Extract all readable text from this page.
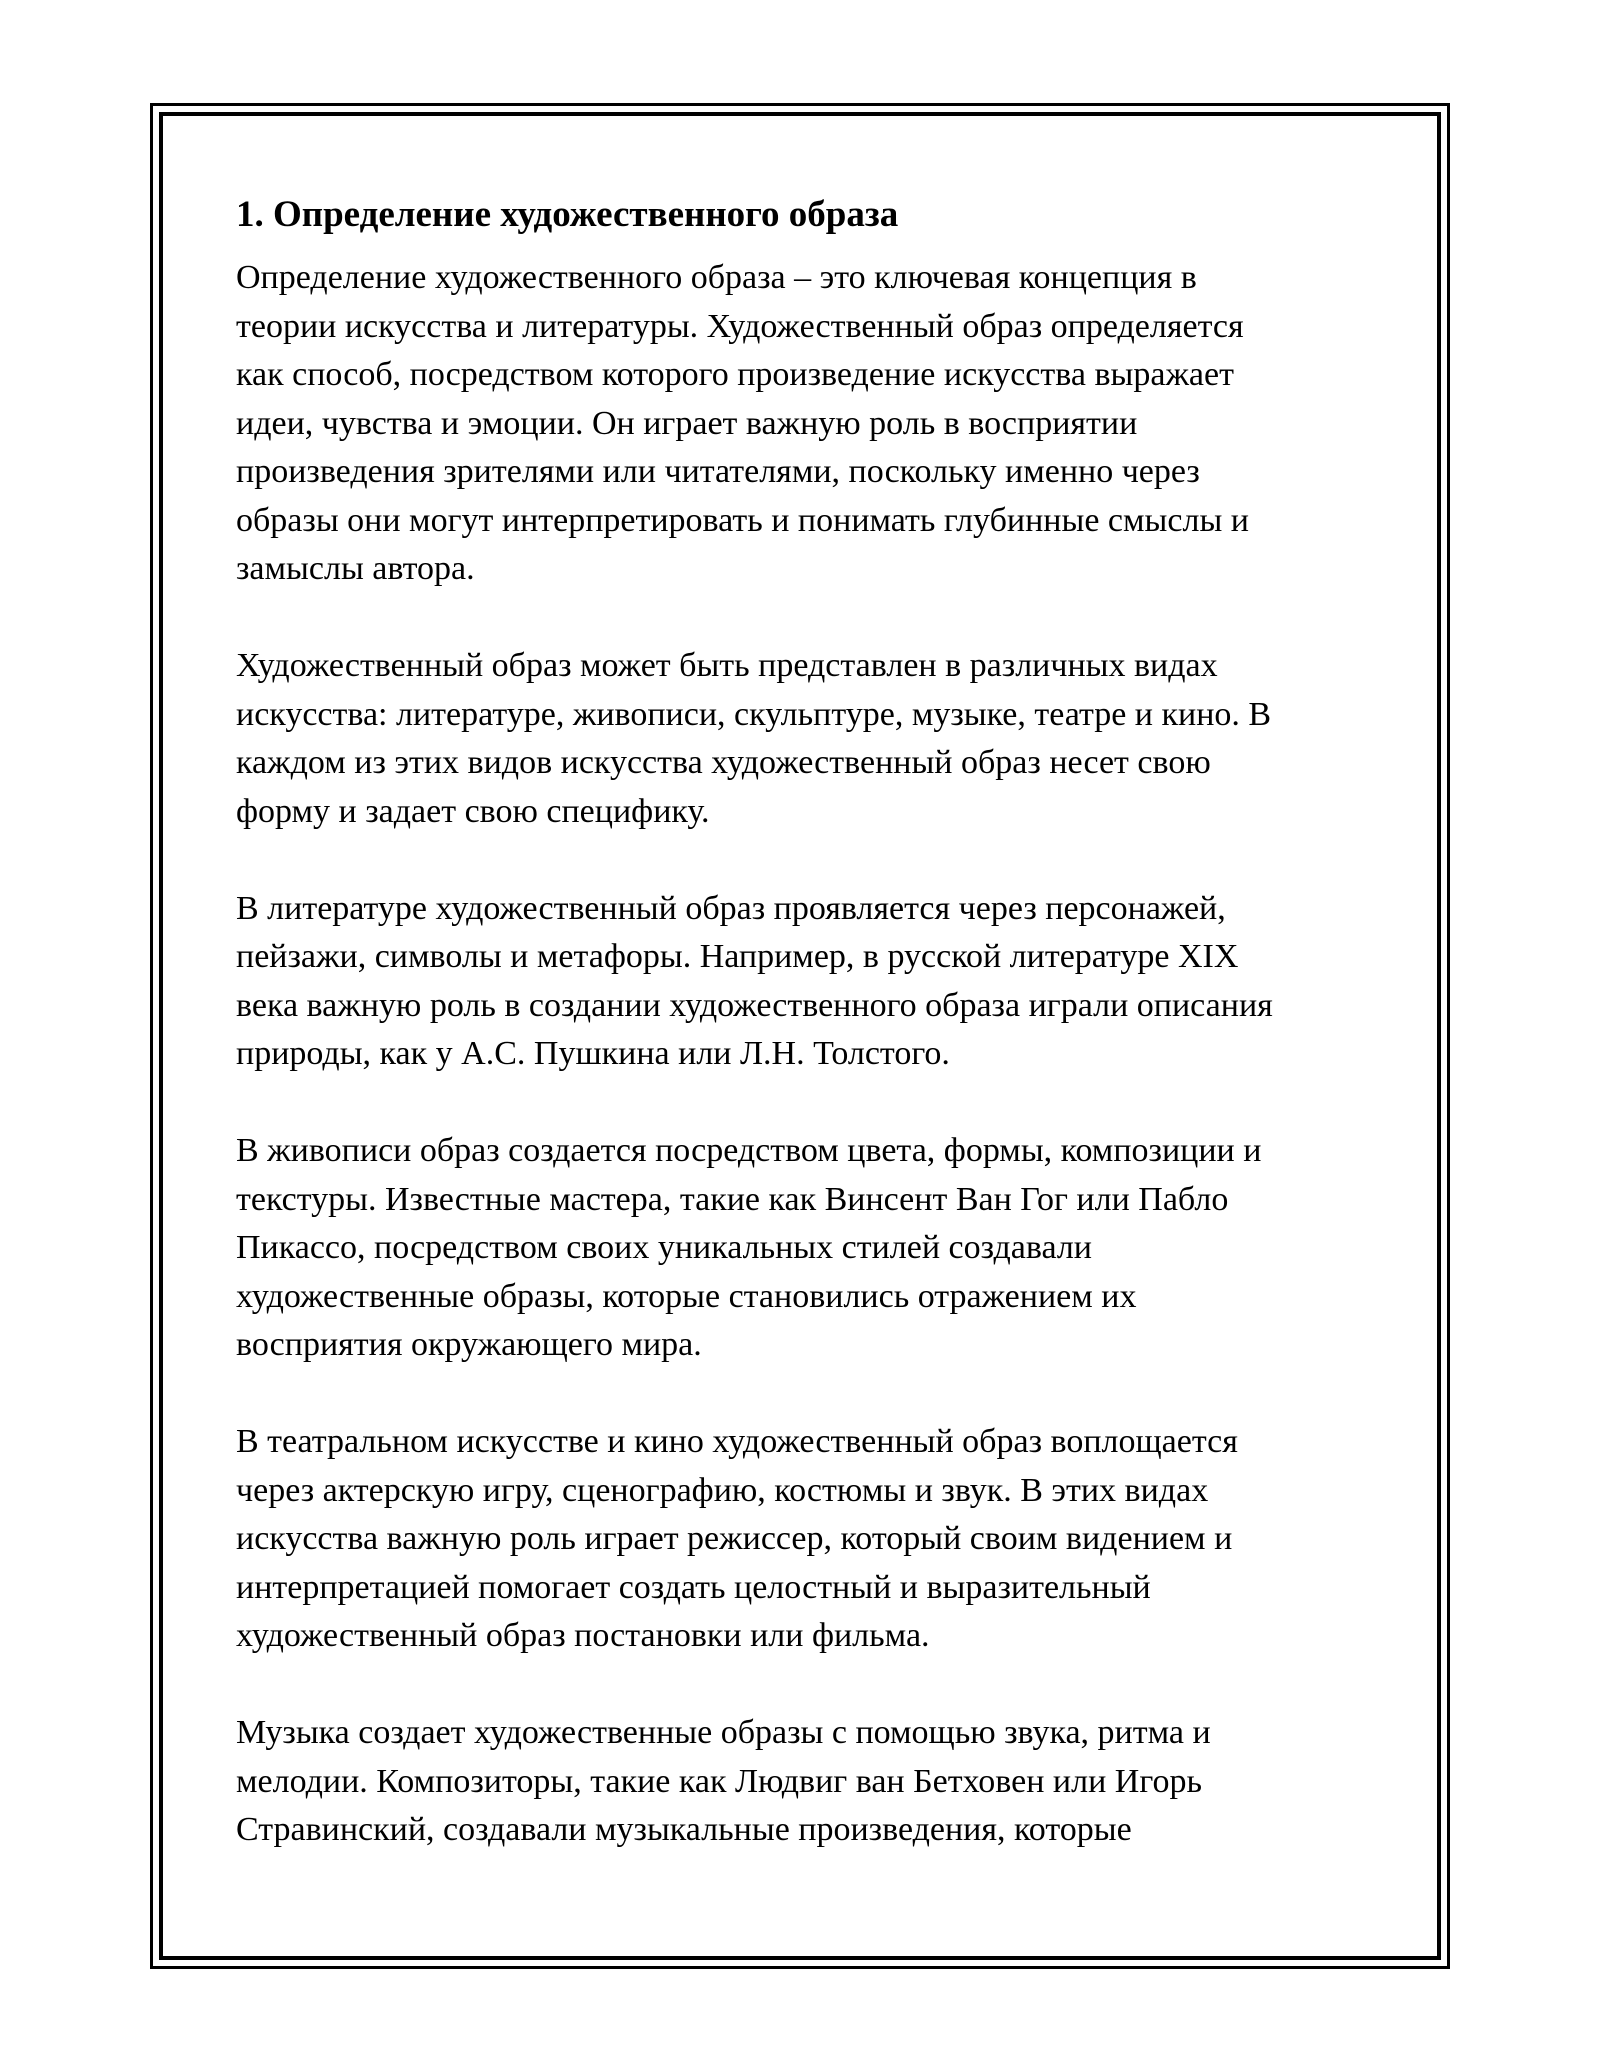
1. Определение художественного образа

Определение художественного образа – это ключевая концепция в
теории искусства и литературы. Художественный образ определяется
как способ, посредством которого произведение искусства выражает
идеи, чувства и эмоции. Он играет важную роль в восприятии
произведения зрителями или читателями, поскольку именно через
образы они могут интерпретировать и понимать глубинные смыслы и
замыслы автора.

Художественный образ может быть представлен в различных видах
искусства: литературе, живописи, скульптуре, музыке, театре и кино. В
каждом из этих видов искусства художественный образ несет свою
форму и задает свою специфику.

В литературе художественный образ проявляется через персонажей,
пейзажи, символы и метафоры. Например, в русской литературе XIX
века важную роль в создании художественного образа играли описания
природы, как у А.С. Пушкина или Л.Н. Толстого.

В живописи образ создается посредством цвета, формы, композиции и
текстуры. Известные мастера, такие как Винсент Ван Гог или Пабло
Пикассо, посредством своих уникальных стилей создавали
художественные образы, которые становились отражением их
восприятия окружающего мира.

В театральном искусстве и кино художественный образ воплощается
через актерскую игру, сценографию, костюмы и звук. В этих видах
искусства важную роль играет режиссер, который своим видением и
интерпретацией помогает создать целостный и выразительный
художественный образ постановки или фильма.

Музыка создает художественные образы с помощью звука, ритма и
мелодии. Композиторы, такие как Людвиг ван Бетховен или Игорь
Стравинский, создавали музыкальные произведения, которые
